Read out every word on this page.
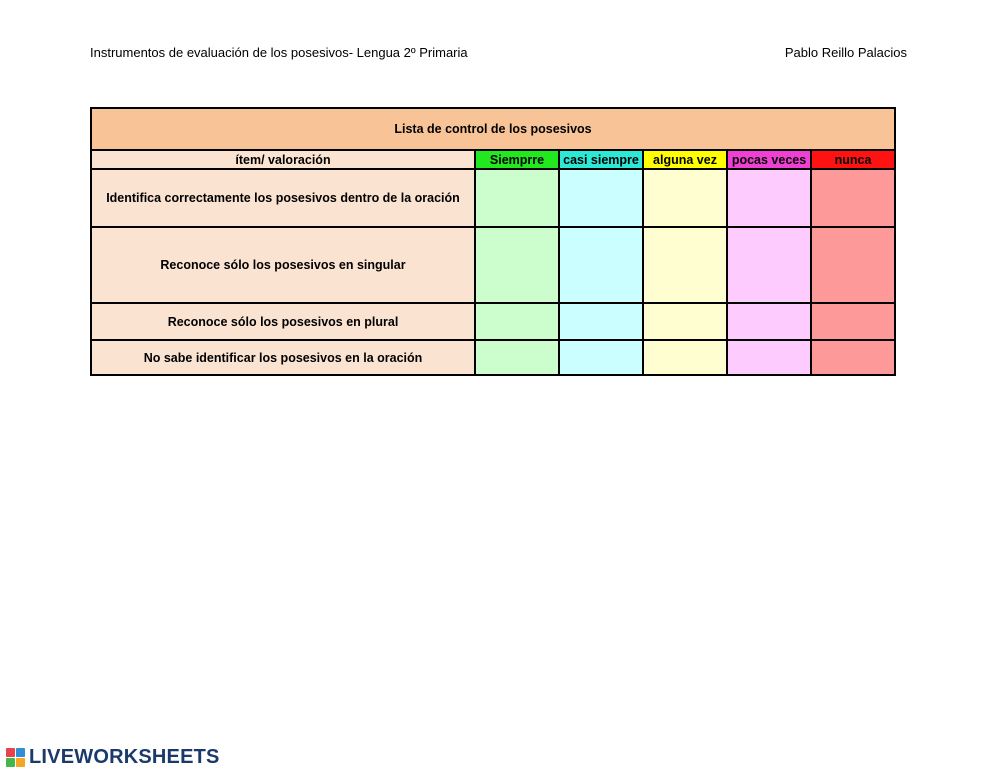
Instrumentos de evaluación de los posesivos- Lengua 2º Primaria	Pablo Reillo Palacios
Lista de control de los posesivos					
ítem/ valoración	Siemprre	casi siempre	alguna vez	pocas veces	nunca
Identifica correctamente los posesivos dentro de la oración					
Reconoce sólo los posesivos en singular					
Reconoce sólo los posesivos en plural					
No sabe identificar los posesivos en la oración					
LIVEWORKSHEETS
